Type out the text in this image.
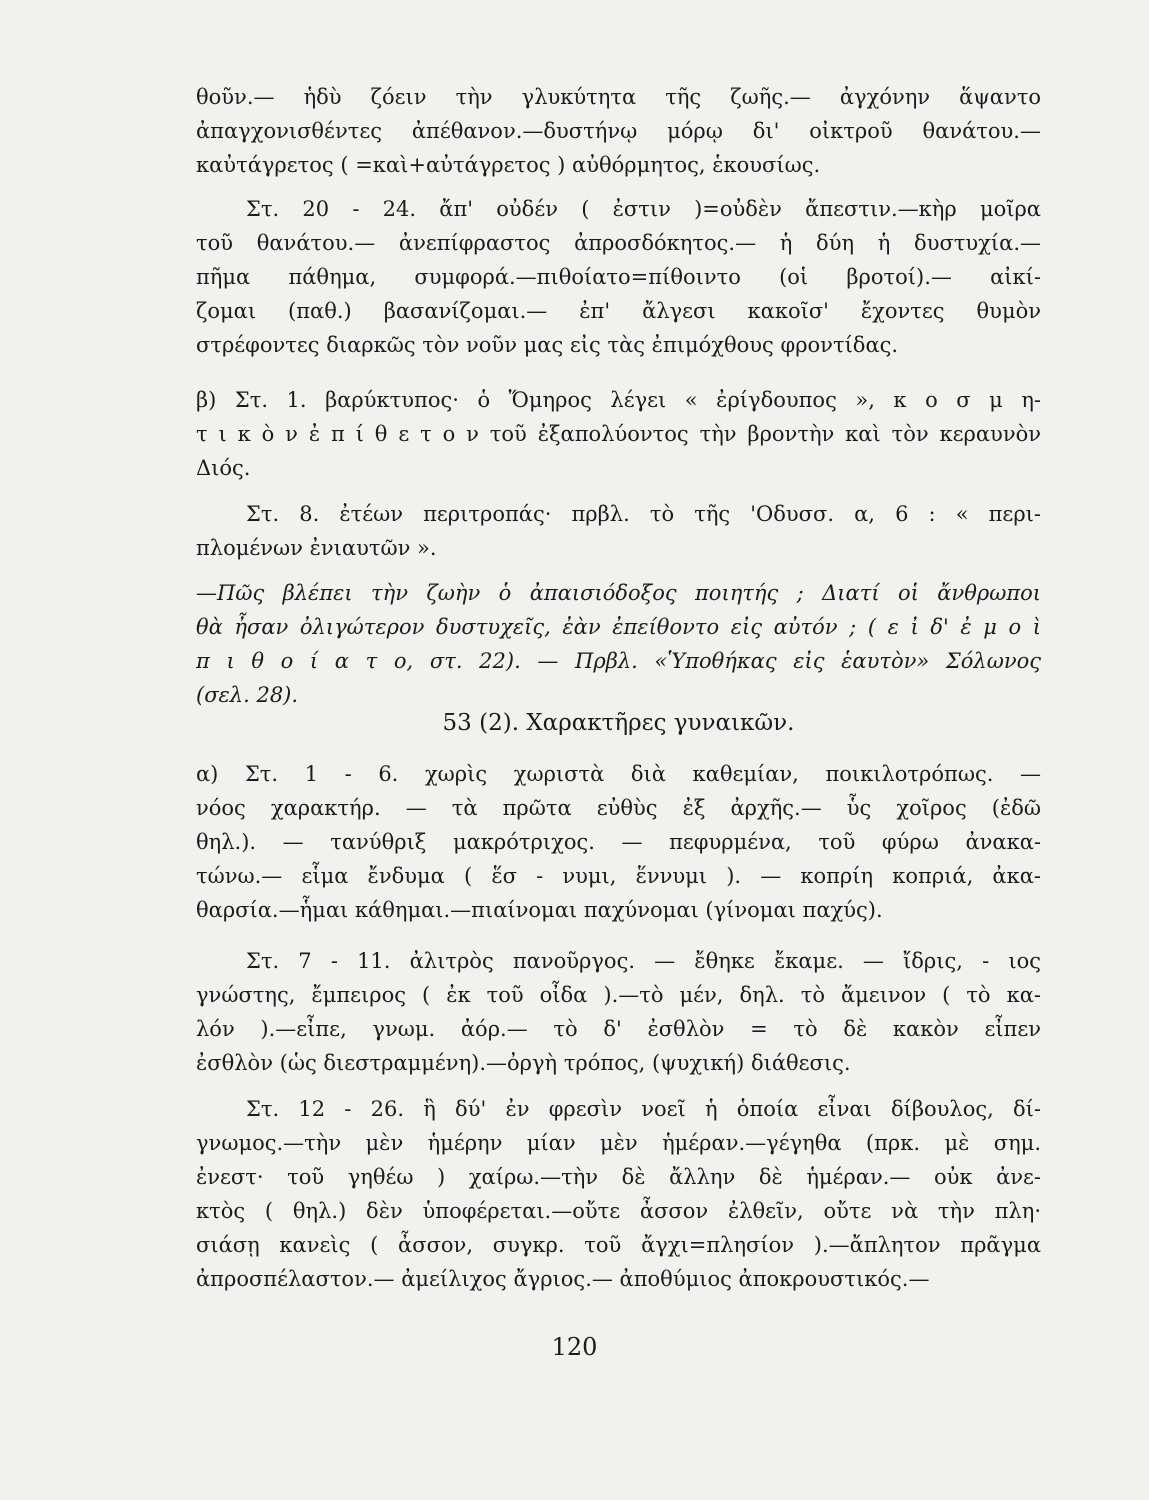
θοῦν.— ἡδὺ ζόειν τὴν γλυκύτητα τῆς ζωῆς.— ἀγχόνην ἅψαντο
ἀπαγχονισθέντες ἀπέθανον.—δυστήνῳ μόρῳ δι' οἰκτροῦ θανάτου.—
καὐτάγρετος ( =καὶ+αὐτάγρετος ) αὐθόρμητος, ἑκουσίως.
Στ. 20 - 24. ἄπ' οὐδέν ( ἐστιν )=οὐδὲν ἄπεστιν.—κὴρ μοῖρα
τοῦ θανάτου.— ἀνεπίφραστος ἀπροσδόκητος.— ἡ δύη ἡ δυστυχία.—
πῆμα πάθημα, συμφορά.—πιθοίατο=πίθοιντο (οἱ βροτοί).— αἰκί-
ζομαι (παθ.) βασανίζομαι.— ἐπ' ἄλγεσι κακοῖσ' ἔχοντες θυμὸν
στρέφοντες διαρκῶς τὸν νοῦν μας εἰς τὰς ἐπιμόχθους φροντίδας.
β) Στ. 1. βαρύκτυπος· ὁ Ὅμηρος λέγει « ἐρίγδουπος », κ ο σ μ η-
τ ι κ ὸ ν ἐ π ί θ ε τ ο ν τοῦ ἐξαπολύοντος τὴν βροντὴν καὶ τὸν κεραυνὸν
Διός.
Στ. 8. ἐτέων περιτροπάς· πρβλ. τὸ τῆς 'Οδυσσ. α, 6 : « περι-
πλομένων ἐνιαυτῶν ».
—Πῶς βλέπει τὴν ζωὴν ὁ ἀπαισιόδοξος ποιητής ; Διατί οἱ ἄνθρωποι
θὰ ἦσαν ὀλιγώτερον δυστυχεῖς, ἐὰν ἐπείθοντο εἰς αὐτόν ; ( ε ἰ δ' ἐ μ ο ὶ
π ι θ ο ί α τ ο, στ. 22). — Πρβλ. «Ὑποθήκας εἰς ἑαυτὸν» Σόλωνος
(σελ. 28).
53 (2). Χαρακτῆρες γυναικῶν.
α) Στ. 1 - 6. χωρὶς χωριστὰ διὰ καθεμίαν, ποικιλοτρόπως. —
νόος χαρακτήρ. — τὰ πρῶτα εὐθὺς ἐξ ἀρχῆς.— ὗς χοῖρος (ἐδῶ
θηλ.). — τανύθριξ μακρότριχος. — πεφυρμένα, τοῦ φύρω ἀνακα-
τώνω.— εἷμα ἔνδυμα ( ἕσ - νυμι, ἕννυμι ). — κοπρίη κοπριά, ἀκα-
θαρσία.—ἧμαι κάθημαι.—πιαίνομαι παχύνομαι (γίνομαι παχύς).
Στ. 7 - 11. ἀλιτρὸς πανοῦργος. — ἔθηκε ἔκαμε. — ἴδρις, - ιος
γνώστης, ἔμπειρος ( ἐκ τοῦ οἶδα ).—τὸ μέν, δηλ. τὸ ἄμεινον ( τὸ κα-
λόν ).—εἶπε, γνωμ. ἀόρ.— τὸ δ' ἐσθλὸν = τὸ δὲ κακὸν εἶπεν
ἐσθλὸν (ὡς διεστραμμένη).—ὀργὴ τρόπος, (ψυχική) διάθεσις.
Στ. 12 - 26. ἣ δύ' ἐν φρεσὶν νοεῖ ἡ ὁποία εἶναι δίβουλος, δί-
γνωμος.—τὴν μὲν ἡμέρην μίαν μὲν ἡμέραν.—γέγηθα (πρκ. μὲ σημ.
ἐνεστ· τοῦ γηθέω ) χαίρω.—τὴν δὲ ἄλλην δὲ ἡμέραν.— οὐκ ἀνε-
κτὸς ( θηλ.) δὲν ὑποφέρεται.—οὔτε ἆσσον ἐλθεῖν, οὔτε νὰ τὴν πλη·
σιάσῃ κανεὶς ( ἆσσον, συγκρ. τοῦ ἄγχι=πλησίον ).—ἄπλητον πρᾶγμα
ἀπροσπέλαστον.— ἀμείλιχος ἄγριος.— ἀποθύμιος ἀποκρουστικός.—
120
